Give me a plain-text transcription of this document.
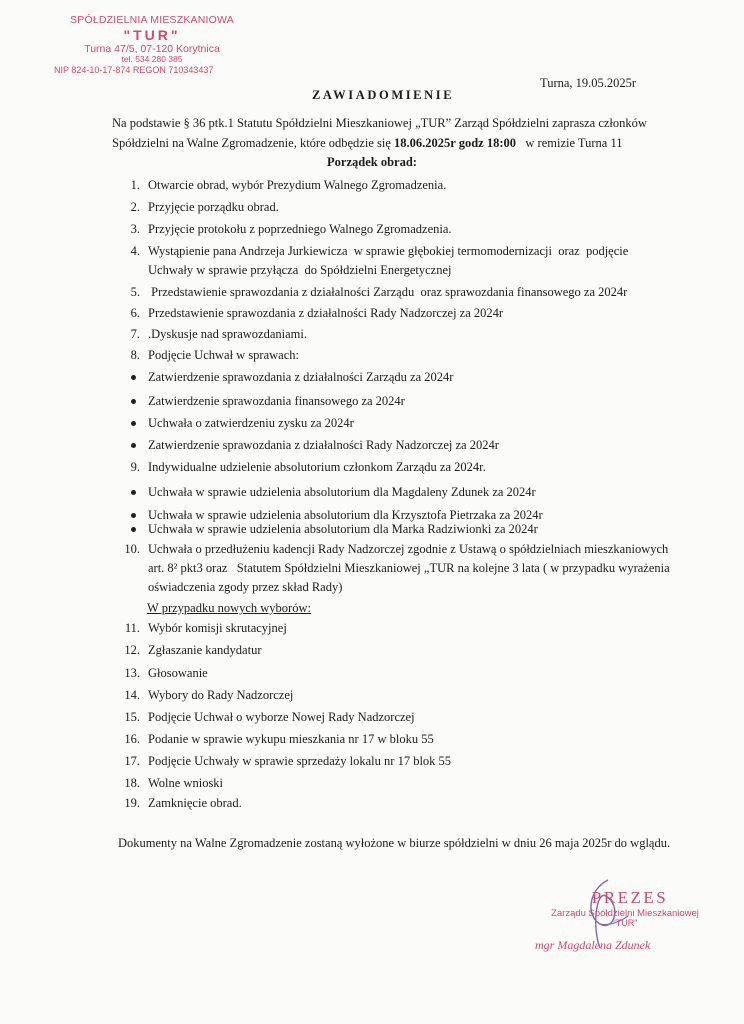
SPÓŁDZIELNIA MIESZKANIOWA
"TUR"
Turna 47/5, 07-120 Korytnica
tel. 534 280 385
NIP 824-10-17-874 REGON 710343437
Turna, 19.05.2025r
ZAWIADOMIENIE
Na podstawie § 36 ptk.1 Statutu Spółdzielni Mieszkaniowej „TUR” Zarząd Spółdzielni zaprasza członków
Spółdzielni na Walne Zgromadzenie, które odbędzie się 18.06.2025r godz 18:00   w remizie Turna 11
Porządek obrad:
1. Otwarcie obrad, wybór Prezydium Walnego Zgromadzenia.
2. Przyjęcie porządku obrad.
3. Przyjęcie protokołu z poprzedniego Walnego Zgromadzenia.
4. Wystąpienie pana Andrzeja Jurkiewicza  w sprawie głębokiej termomodernizacji  oraz  podjęcie
Uchwały w sprawie przyłącza  do Spółdzielni Energetycznej
5. Przedstawienie sprawozdania z działalności Zarządu  oraz sprawozdania finansowego za 2024r
6. Przedstawienie sprawozdania z działalności Rady Nadzorczej za 2024r
7. .Dyskusje nad sprawozdaniami.
8. Podjęcie Uchwał w sprawach:
Zatwierdzenie sprawozdania z działalności Zarządu za 2024r
Zatwierdzenie sprawozdania finansowego za 2024r
Uchwała o zatwierdzeniu zysku za 2024r
Zatwierdzenie sprawozdania z działalności Rady Nadzorczej za 2024r
9. Indywidualne udzielenie absolutorium członkom Zarządu za 2024r.
Uchwała w sprawie udzielenia absolutorium dla Magdaleny Zdunek za 2024r
Uchwała w sprawie udzielenia absolutorium dla Krzysztofa Pietrzaka za 2024r
Uchwała w sprawie udzielenia absolutorium dla Marka Radziwionki za 2024r
10. Uchwała o przedłużeniu kadencji Rady Nadzorczej zgodnie z Ustawą o spółdzielniach mieszkaniowych
art. 8² pkt3 oraz   Statutem Spółdzielni Mieszkaniowej „TUR na kolejne 3 lata ( w przypadku wyrażenia
oświadczenia zgody przez skład Rady)
11. Wybór komisji skrutacyjnej
12. Zgłaszanie kandydatur
13. Głosowanie
14. Wybory do Rady Nadzorczej
15. Podjęcie Uchwał o wyborze Nowej Rady Nadzorczej
16. Podanie w sprawie wykupu mieszkania nr 17 w bloku 55
17. Podjęcie Uchwały w sprawie sprzedaży lokalu nr 17 blok 55
18. Wolne wnioski
19. Zamknięcie obrad.
W przypadku nowych wyborów:
Dokumenty na Walne Zgromadzenie zostaną wyłożone w biurze spółdzielni w dniu 26 maja 2025r do wglądu.
PREZES
Zarządu Spółdzielni Mieszkaniowej
"TUR"
mgr Magdalena Zdunek
